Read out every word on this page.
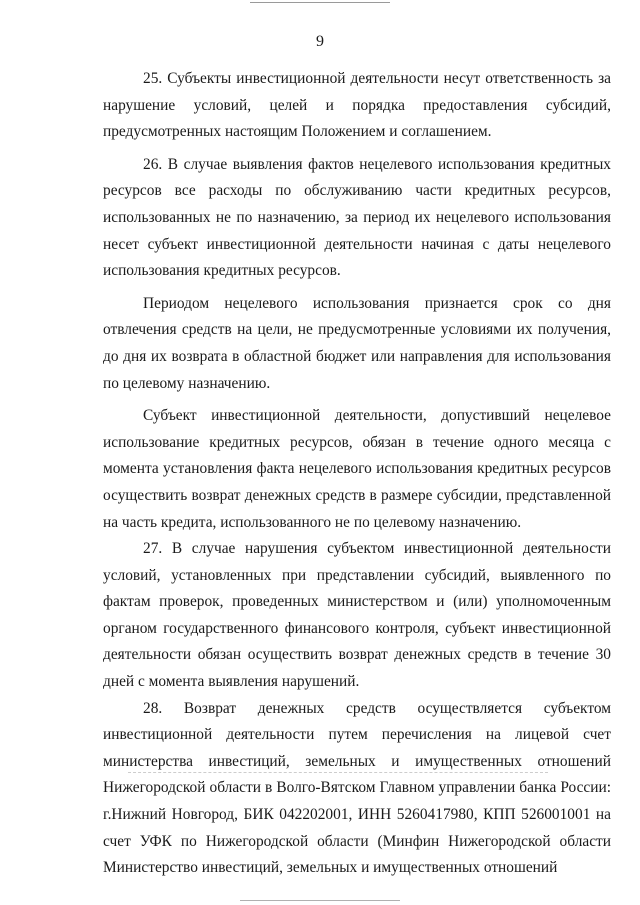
9

25. Субъекты инвестиционной деятельности несут ответственность за нарушение условий, целей и порядка предоставления субсидий, предусмотренных настоящим Положением и соглашением.

26. В случае выявления фактов нецелевого использования кредитных ресурсов все расходы по обслуживанию части кредитных ресурсов, использованных не по назначению, за период их нецелевого использования несет субъект инвестиционной деятельности начиная с даты нецелевого использования кредитных ресурсов.

Периодом нецелевого использования признается срок со дня отвлечения средств на цели, не предусмотренные условиями их получения, до дня их возврата в областной бюджет или направления для использования по целевому назначению.

Субъект инвестиционной деятельности, допустивший нецелевое использование кредитных ресурсов, обязан в течение одного месяца с момента установления факта нецелевого использования кредитных ресурсов осуществить возврат денежных средств в размере субсидии, представленной на часть кредита, использованного не по целевому назначению.

27. В случае нарушения субъектом инвестиционной деятельности условий, установленных при представлении субсидий, выявленного по фактам проверок, проведенных министерством и (или) уполномоченным органом государственного финансового контроля, субъект инвестиционной деятельности обязан осуществить возврат денежных средств в течение 30 дней с момента выявления нарушений.

28. Возврат денежных средств осуществляется субъектом инвестиционной деятельности путем перечисления на лицевой счет министерства инвестиций, земельных и имущественных отношений Нижегородской области в Волго-Вятском Главном управлении банка России: г.Нижний Новгород, БИК 042202001, ИНН 5260417980, КПП 526001001 на счет УФК по Нижегородской области (Минфин Нижегородской области Министерство инвестиций, земельных и имущественных отношений
